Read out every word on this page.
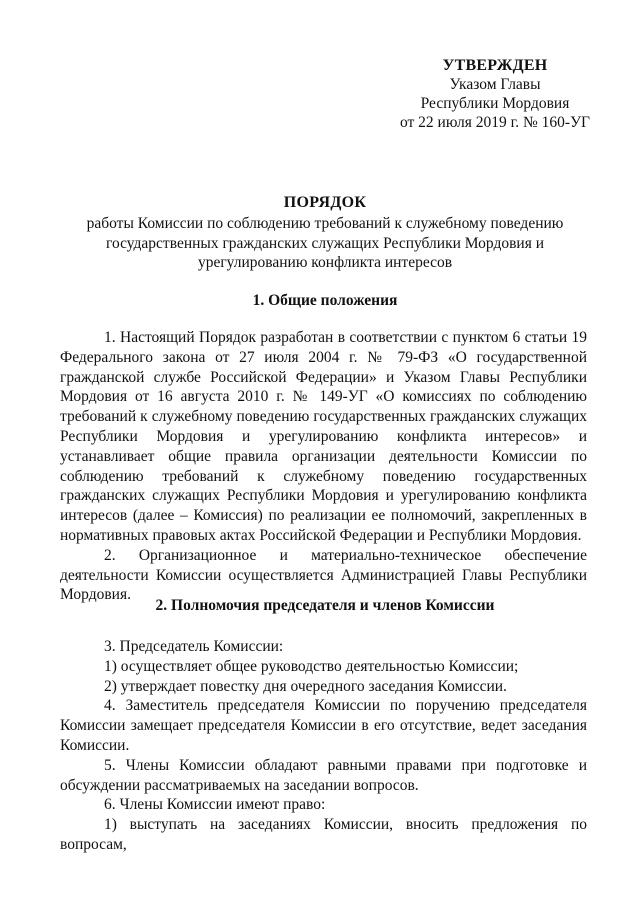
УТВЕРЖДЕН
Указом Главы
Республики Мордовия
от 22 июля 2019 г. № 160-УГ
ПОРЯДОК
работы Комиссии по соблюдению требований к служебному поведению государственных гражданских служащих Республики Мордовия и урегулированию конфликта интересов
1. Общие положения

1. Настоящий Порядок разработан в соответствии с пунктом 6 статьи 19 Федерального закона от 27 июля 2004 г. № 79-ФЗ «О государственной гражданской службе Российской Федерации» и Указом Главы Республики Мордовия от 16 августа 2010 г. № 149-УГ «О комиссиях по соблюдению требований к служебному поведению государственных гражданских служащих Республики Мордовия и урегулированию конфликта интересов» и устанавливает общие правила организации деятельности Комиссии по соблюдению требований к служебному поведению государственных гражданских служащих Республики Мордовия и урегулированию конфликта интересов (далее – Комиссия) по реализации ее полномочий, закрепленных в нормативных правовых актах Российской Федерации и Республики Мордовия.

2. Организационное и материально-техническое обеспечение деятельности Комиссии осуществляется Администрацией Главы Республики Мордовия.

2. Полномочия председателя и членов Комиссии

3. Председатель Комиссии:

1) осуществляет общее руководство деятельностью Комиссии;

2) утверждает повестку дня очередного заседания Комиссии.

4. Заместитель председателя Комиссии по поручению председателя Комиссии замещает председателя Комиссии в его отсутствие, ведет заседания Комиссии.

5. Члены Комиссии обладают равными правами при подготовке и обсуждении рассматриваемых на заседании вопросов.

6. Члены Комиссии имеют право:

1) выступать на заседаниях Комиссии, вносить предложения по вопросам,
